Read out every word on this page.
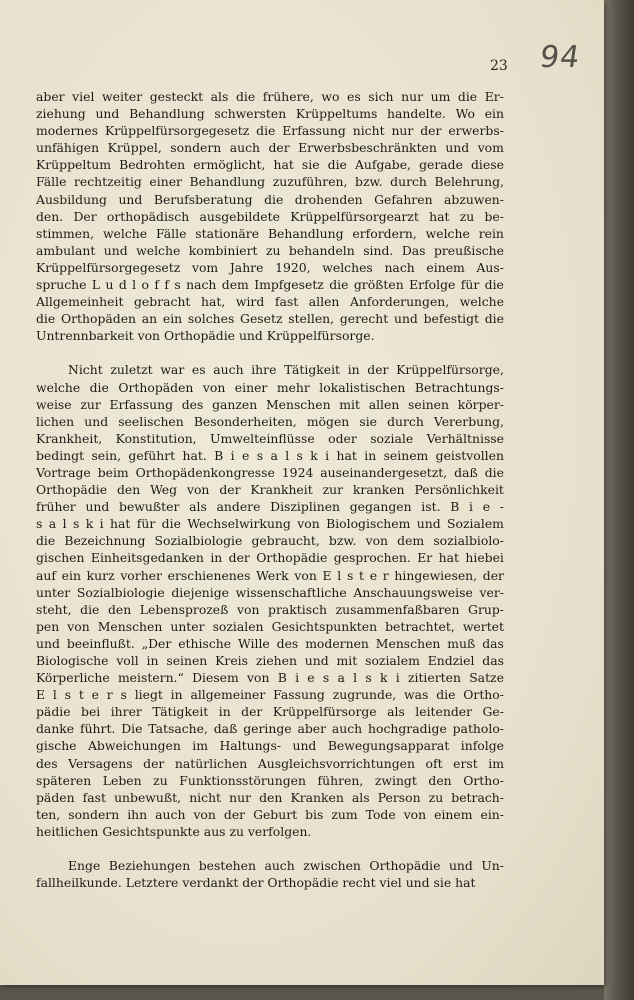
23 94
aber viel weiter gesteckt als die frühere, wo es sich nur um die Er-
ziehung und Behandlung schwersten Krüppeltums handelte. Wo ein
modernes Krüppelfürsorgegesetz die Erfassung nicht nur der erwerbs-
unfähigen Krüppel, sondern auch der Erwerbsbeschränkten und vom
Krüppeltum Bedrohten ermöglicht, hat sie die Aufgabe, gerade diese
Fälle rechtzeitig einer Behandlung zuzuführen, bzw. durch Belehrung,
Ausbildung und Berufsberatung die drohenden Gefahren abzuwen-
den. Der orthopädisch ausgebildete Krüppelfürsorgearzt hat zu be-
stimmen, welche Fälle stationäre Behandlung erfordern, welche rein
ambulant und welche kombiniert zu behandeln sind. Das preußische
Krüppelfürsorgegesetz vom Jahre 1920, welches nach einem Aus-
spruche L u d l o f f s nach dem Impfgesetz die größten Erfolge für die
Allgemeinheit gebracht hat, wird fast allen Anforderungen, welche
die Orthopäden an ein solches Gesetz stellen, gerecht und befestigt die
Untrennbarkeit von Orthopädie und Krüppelfürsorge.
Nicht zuletzt war es auch ihre Tätigkeit in der Krüppelfürsorge,
welche die Orthopäden von einer mehr lokalistischen Betrachtungs-
weise zur Erfassung des ganzen Menschen mit allen seinen körper-
lichen und seelischen Besonderheiten, mögen sie durch Vererbung,
Krankheit, Konstitution, Umwelteinflüsse oder soziale Verhältnisse
bedingt sein, geführt hat. B i e s a l s k i hat in seinem geistvollen
Vortrage beim Orthopädenkongresse 1924 auseinandergesetzt, daß die
Orthopädie den Weg von der Krankheit zur kranken Persönlichkeit
früher und bewußter als andere Disziplinen gegangen ist. B i e -
s a l s k i hat für die Wechselwirkung von Biologischem und Sozialem
die Bezeichnung Sozialbiologie gebraucht, bzw. von dem sozialbiolo-
gischen Einheitsgedanken in der Orthopädie gesprochen. Er hat hiebei
auf ein kurz vorher erschienenes Werk von E l s t e r hingewiesen, der
unter Sozialbiologie diejenige wissenschaftliche Anschauungsweise ver-
steht, die den Lebensprozeß von praktisch zusammenfaßbaren Grup-
pen von Menschen unter sozialen Gesichtspunkten betrachtet, wertet
und beeinflußt. „Der ethische Wille des modernen Menschen muß das
Biologische voll in seinen Kreis ziehen und mit sozialem Endziel das
Körperliche meistern.“ Diesem von B i e s a l s k i zitierten Satze
E l s t e r s liegt in allgemeiner Fassung zugrunde, was die Ortho-
pädie bei ihrer Tätigkeit in der Krüppelfürsorge als leitender Ge-
danke führt. Die Tatsache, daß geringe aber auch hochgradige patholo-
gische Abweichungen im Haltungs- und Bewegungsapparat infolge
des Versagens der natürlichen Ausgleichsvorrichtungen oft erst im
späteren Leben zu Funktionsstörungen führen, zwingt den Ortho-
päden fast unbewußt, nicht nur den Kranken als Person zu betrach-
ten, sondern ihn auch von der Geburt bis zum Tode von einem ein-
heitlichen Gesichtspunkte aus zu verfolgen.
Enge Beziehungen bestehen auch zwischen Orthopädie und Un-
fallheilkunde. Letztere verdankt der Orthopädie recht viel und sie hat
